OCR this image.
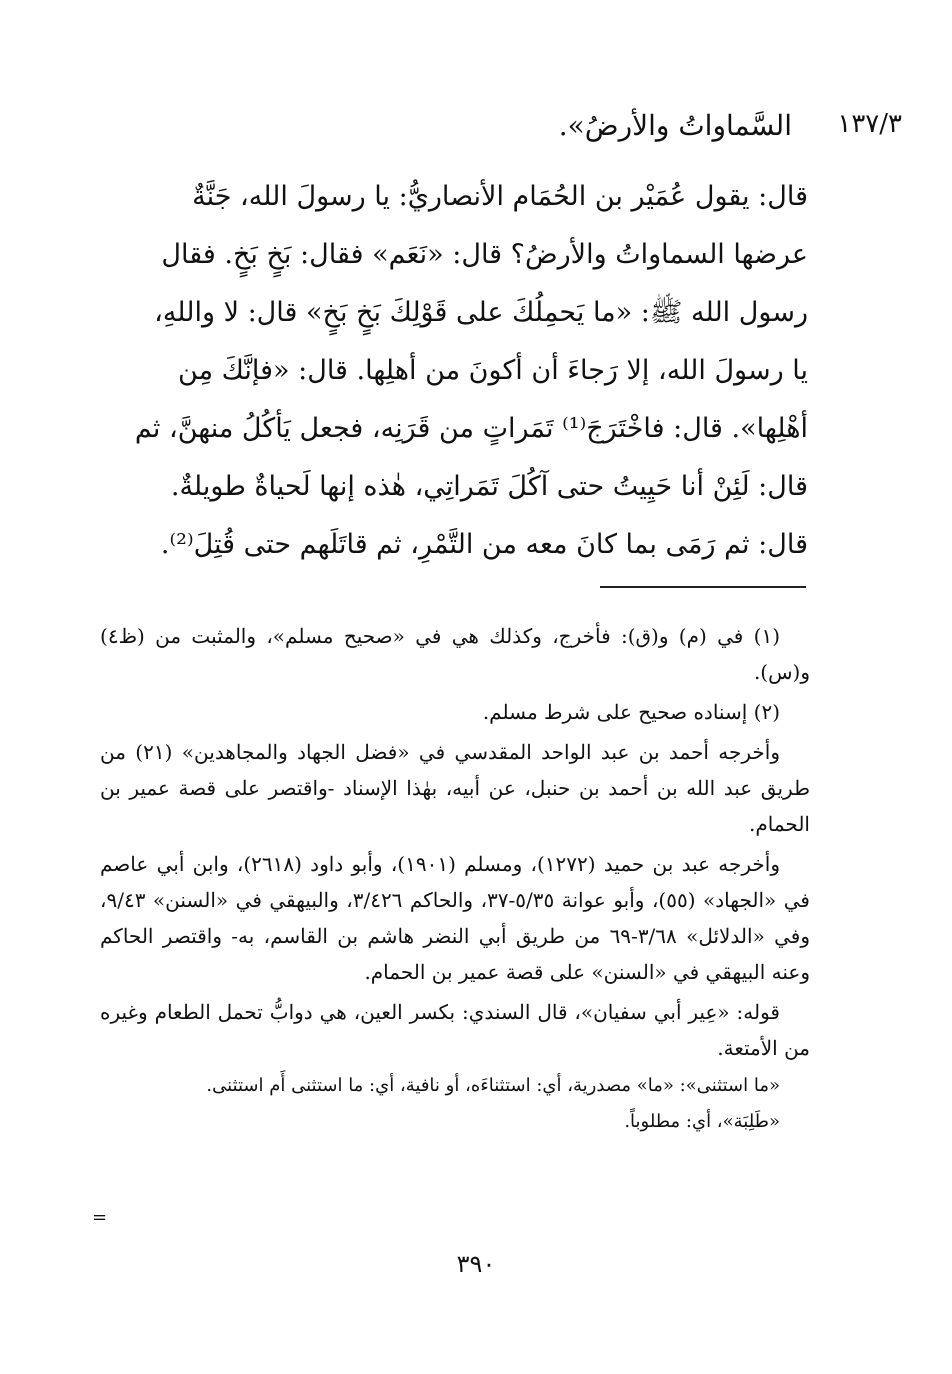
١٣٧/٣
السَّماواتُ والأرضُ».

قال: يقول عُمَيْر بن الحُمَام الأنصاريُّ: يا رسولَ الله، جَنَّةٌ

عرضها السماواتُ والأرضُ؟ قال: «نَعَم» فقال: بَخٍ بَخٍ. فقال

رسول الله ﷺ: «ما يَحمِلُكَ على قَوْلِكَ بَخٍ بَخٍ» قال: لا واللهِ،

يا رسولَ الله، إلا رَجاءَ أن أكونَ من أهلِها. قال: «فإنَّكَ مِن

أهْلِها». قال: فاخْتَرَجَ⁽¹⁾ تَمَراتٍ من قَرَنِه، فجعل يَأكُلُ منهنَّ، ثم

قال: لَئِنْ أنا حَيِيتُ حتى آكُلَ تَمَراتِي، هٰذه إنها لَحياةٌ طويلةٌ.

قال: ثم رَمَى بما كانَ معه من التَّمْرِ، ثم قاتَلَهم حتى قُتِلَ⁽²⁾.

(١) في (م) و(ق): فأخرج، وكذلك هي في «صحيح مسلم»، والمثبت من (ظ٤) و(س).

(٢) إسناده صحيح على شرط مسلم.

وأخرجه أحمد بن عبد الواحد المقدسي في «فضل الجهاد والمجاهدين» (٢١) من طريق عبد الله بن أحمد بن حنبل، عن أبيه، بهٰذا الإسناد -واقتصر على قصة عمير بن الحمام.

وأخرجه عبد بن حميد (١٢٧٢)، ومسلم (١٩٠١)، وأبو داود (٢٦١٨)، وابن أبي عاصم في «الجهاد» (٥٥)، وأبو عوانة ٥/٣٥-٣٧، والحاكم ٣/٤٢٦، والبيهقي في «السنن» ٩/٤٣، وفي «الدلائل» ٣/٦٨-٦٩ من طريق أبي النضر هاشم بن القاسم، به- واقتصر الحاكم وعنه البيهقي في «السنن» على قصة عمير بن الحمام.

قوله: «عِير أبي سفيان»، قال السندي: بكسر العين، هي دوابُّ تحمل الطعام وغيره من الأمتعة.

«ما استثنى»: «ما» مصدرية، أي: استثناءَه، أو نافية، أي: ما استثنى أَم استثنى.

«طَلِبَة»، أي: مطلوباً.

=
٣٩٠
